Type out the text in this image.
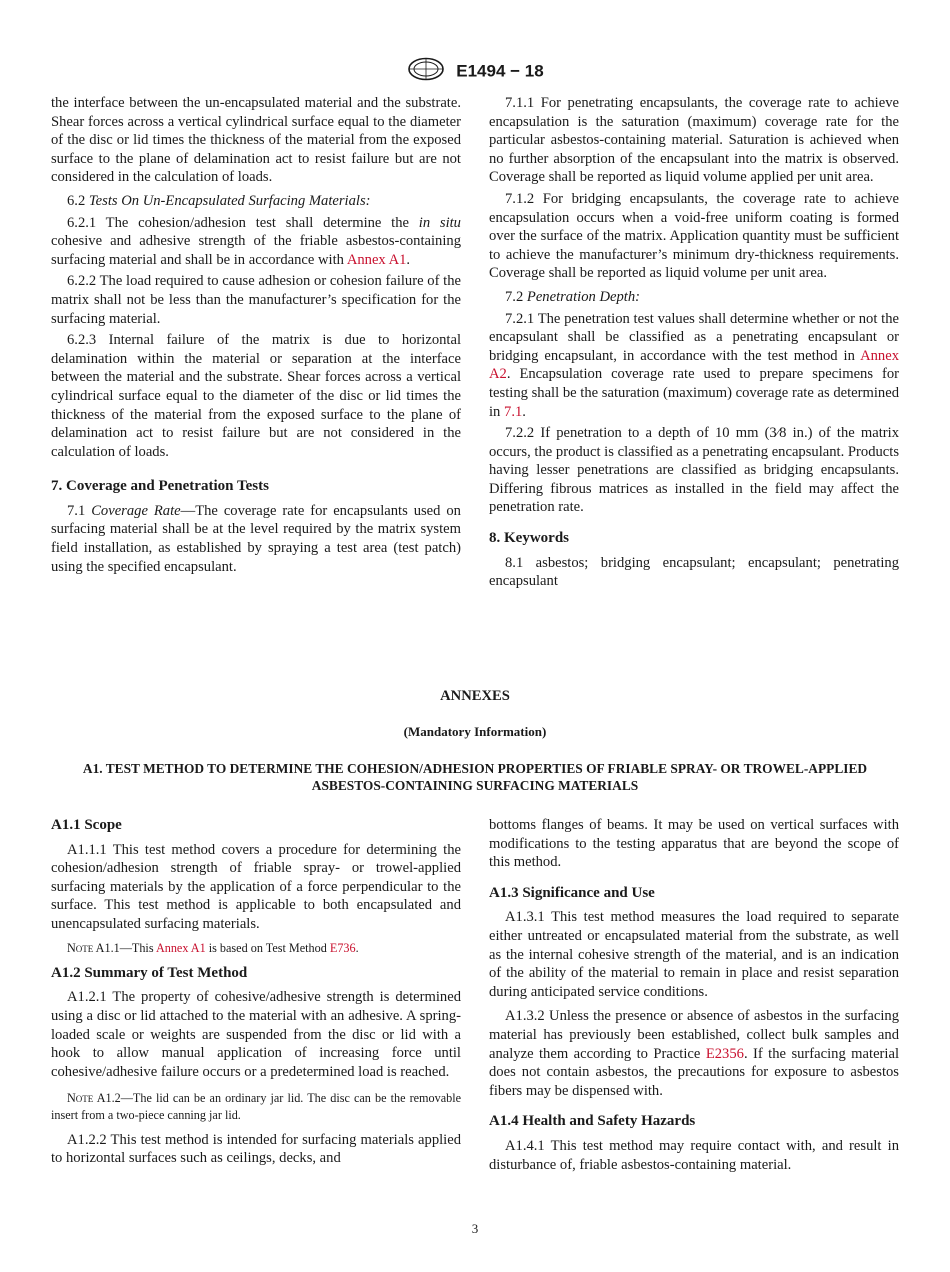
E1494 − 18

the interface between the un-encapsulated material and the substrate. Shear forces across a vertical cylindrical surface equal to the diameter of the disc or lid times the thickness of the material from the exposed surface to the plane of delamination act to resist failure but are not considered in the calculation of loads.

6.2 Tests On Un-Encapsulated Surfacing Materials:

6.2.1 The cohesion/adhesion test shall determine the in situ cohesive and adhesive strength of the friable asbestos-containing surfacing material and shall be in accordance with Annex A1.

6.2.2 The load required to cause adhesion or cohesion failure of the matrix shall not be less than the manufacturer’s specification for the surfacing material.

6.2.3 Internal failure of the matrix is due to horizontal delamination within the material or separation at the interface between the material and the substrate. Shear forces across a vertical cylindrical surface equal to the diameter of the disc or lid times the thickness of the material from the exposed surface to the plane of delamination act to resist failure but are not considered in the calculation of loads.

7. Coverage and Penetration Tests

7.1 Coverage Rate—The coverage rate for encapsulants used on surfacing material shall be at the level required by the matrix system field installation, as established by spraying a test area (test patch) using the specified encapsulant.

7.1.1 For penetrating encapsulants, the coverage rate to achieve encapsulation is the saturation (maximum) coverage rate for the particular asbestos-containing material. Saturation is achieved when no further absorption of the encapsulant into the matrix is observed. Coverage shall be reported as liquid volume applied per unit area.

7.1.2 For bridging encapsulants, the coverage rate to achieve encapsulation occurs when a void-free uniform coating is formed over the surface of the matrix. Application quantity must be sufficient to achieve the manufacturer’s minimum dry-thickness requirements. Coverage shall be reported as liquid volume per unit area.

7.2 Penetration Depth:

7.2.1 The penetration test values shall determine whether or not the encapsulant shall be classified as a penetrating encapsulant or bridging encapsulant, in accordance with the test method in Annex A2. Encapsulation coverage rate used to prepare specimens for testing shall be the saturation (maximum) coverage rate as determined in 7.1.

7.2.2 If penetration to a depth of 10 mm (3⁄8 in.) of the matrix occurs, the product is classified as a penetrating encapsulant. Products having lesser penetrations are classified as bridging encapsulants. Differing fibrous matrices as installed in the field may affect the penetration rate.

8. Keywords

8.1 asbestos; bridging encapsulant; encapsulant; penetrating encapsulant

ANNEXES
(Mandatory Information)
A1. TEST METHOD TO DETERMINE THE COHESION/ADHESION PROPERTIES OF FRIABLE SPRAY- OR TROWEL-APPLIED ASBESTOS-CONTAINING SURFACING MATERIALS
A1.1 Scope

A1.1.1 This test method covers a procedure for determining the cohesion/adhesion strength of friable spray- or trowel-applied surfacing materials by the application of a force perpendicular to the surface. This test method is applicable to both encapsulated and unencapsulated surfacing materials.

Note A1.1—This Annex A1 is based on Test Method E736.

A1.2 Summary of Test Method

A1.2.1 The property of cohesive/adhesive strength is determined using a disc or lid attached to the material with an adhesive. A spring-loaded scale or weights are suspended from the disc or lid with a hook to allow manual application of increasing force until cohesive/adhesive failure occurs or a predetermined load is reached.

Note A1.2—The lid can be an ordinary jar lid. The disc can be the removable insert from a two-piece canning jar lid.

A1.2.2 This test method is intended for surfacing materials applied to horizontal surfaces such as ceilings, decks, and

bottoms flanges of beams. It may be used on vertical surfaces with modifications to the testing apparatus that are beyond the scope of this method.

A1.3 Significance and Use

A1.3.1 This test method measures the load required to separate either untreated or encapsulated material from the substrate, as well as the internal cohesive strength of the material, and is an indication of the ability of the material to remain in place and resist separation during anticipated service conditions.

A1.3.2 Unless the presence or absence of asbestos in the surfacing material has previously been established, collect bulk samples and analyze them according to Practice E2356. If the surfacing material does not contain asbestos, the precautions for exposure to asbestos fibers may be dispensed with.

A1.4 Health and Safety Hazards

A1.4.1 This test method may require contact with, and result in disturbance of, friable asbestos-containing material.

3
